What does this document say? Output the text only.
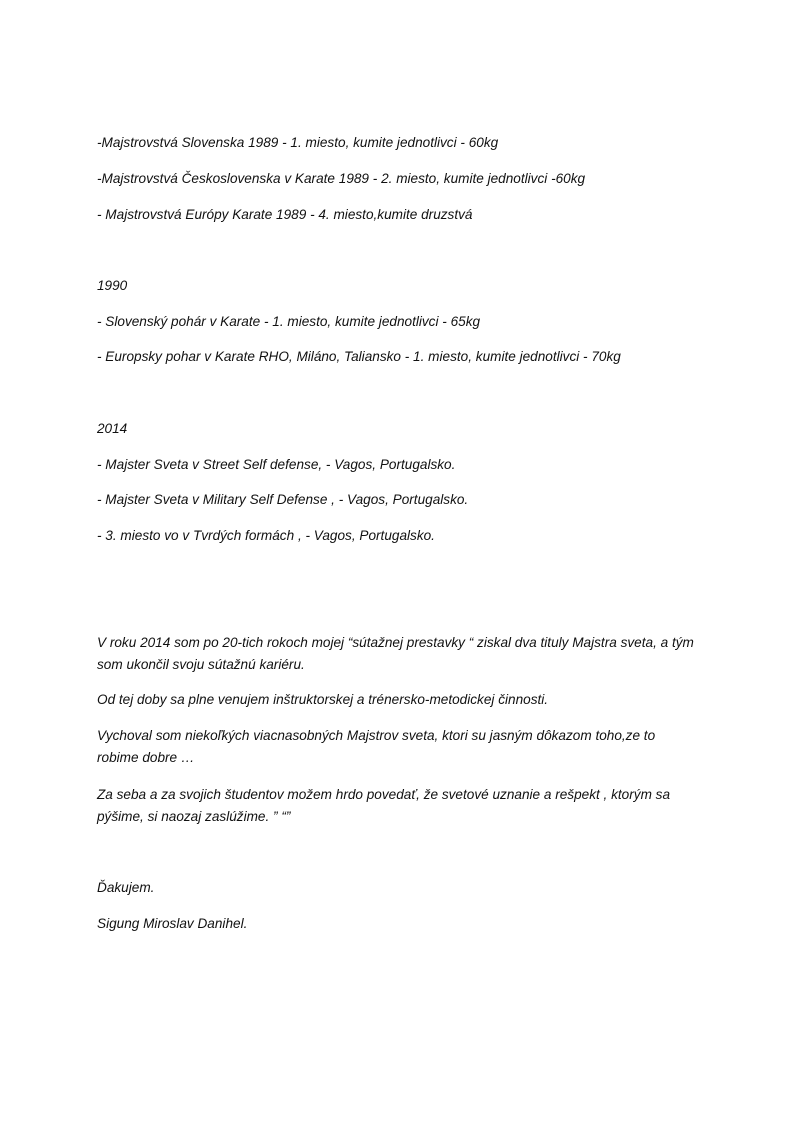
-Majstrovstvá Slovenska 1989 - 1. miesto, kumite jednotlivci - 60kg
-Majstrovstvá Československa v Karate 1989 - 2. miesto, kumite jednotlivci -60kg
- Majstrovstvá Európy Karate 1989 - 4. miesto,kumite druzstvá
1990
- Slovenský pohár v Karate - 1. miesto, kumite jednotlivci - 65kg
- Europsky pohar v Karate RHO, Miláno, Taliansko - 1. miesto, kumite jednotlivci - 70kg
2014
- Majster Sveta v Street Self defense, - Vagos, Portugalsko.
- Majster Sveta v Military Self Defense , - Vagos, Portugalsko.
- 3. miesto vo v Tvrdých formách , - Vagos, Portugalsko.
V roku 2014 som po 20-tich rokoch mojej “sútažnej prestavky “ ziskal dva tituly Majstra sveta, a tým som ukončil svoju sútažnú kariéru.
Od tej doby sa plne venujem inštruktorskej a trénersko-metodickej činnosti.
Vychoval som niekoľkých viacnasobných Majstrov sveta, ktori su jasným dôkazom toho,ze to robime dobre …
Za seba a za svojich študentov možem hrdo povedať, že svetové uznanie a rešpekt , ktorým sa pýšime, si naozaj zaslúžime. ” “”
Ďakujem.
Sigung Miroslav Danihel.
